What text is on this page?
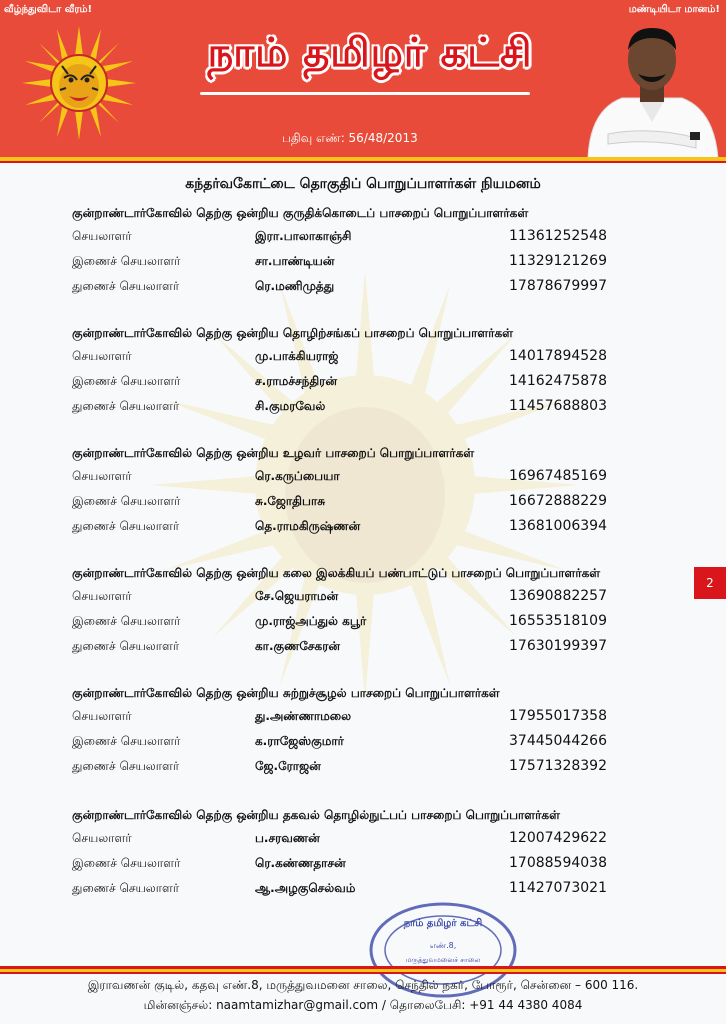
வீழ்ந்துவிடா வீரம்!	மண்டியிடா மானம்!
நாம் தமிழர் கட்சி
பதிவு எண்: 56/48/2013
கந்தர்வகோட்டை தொகுதிப் பொறுப்பாளர்கள் நியமனம்
குன்றாண்டார்கோவில் தெற்கு ஒன்றிய குருதிக்கொடைப் பாசறைப் பொறுப்பாளர்கள்
செயலாளர்	இரா.பாலாகாஞ்சி	11361252548
இணைச் செயலாளர்	சா.பாண்டியன்	11329121269
துணைச் செயலாளர்	ரெ.மணிமுத்து	17878679997
குன்றாண்டார்கோவில் தெற்கு ஒன்றிய தொழிற்சங்கப் பாசறைப் பொறுப்பாளர்கள்
செயலாளர்	மு.பாக்கியராஜ்	14017894528
இணைச் செயலாளர்	ச.ராமச்சந்திரன்	14162475878
துணைச் செயலாளர்	சி.குமரவேல்	11457688803
குன்றாண்டார்கோவில் தெற்கு ஒன்றிய உழவர் பாசறைப் பொறுப்பாளர்கள்
செயலாளர்	ரெ.கருப்பையா	16967485169
இணைச் செயலாளர்	சு.ஜோதிபாசு	16672888229
துணைச் செயலாளர்	தெ.ராமகிருஷ்ணன்	13681006394
குன்றாண்டார்கோவில் தெற்கு ஒன்றிய கலை இலக்கியப் பண்பாட்டுப் பாசறைப் பொறுப்பாளர்கள்
செயலாளர்	சே.ஜெயராமன்	13690882257
இணைச் செயலாளர்	மு.ராஜ்அப்துல் கபூர்	16553518109
துணைச் செயலாளர்	கா.குணசேகரன்	17630199397
குன்றாண்டார்கோவில் தெற்கு ஒன்றிய சுற்றுச்சூழல் பாசறைப் பொறுப்பாளர்கள்
செயலாளர்	து.அண்ணாமலை	17955017358
இணைச் செயலாளர்	க.ராஜேஸ்குமார்	37445044266
துணைச் செயலாளர்	ஜே.ரோஜன்	17571328392
குன்றாண்டார்கோவில் தெற்கு ஒன்றிய தகவல் தொழில்நுட்பப் பாசறைப் பொறுப்பாளர்கள்
செயலாளர்	ப.சரவணன்	12007429622
இணைச் செயலாளர்	ரெ.கண்ணதாசன்	17088594038
துணைச் செயலாளர்	ஆ.அழகுசெல்வம்	11427073021
2
நாம் தமிழர் கட்சி
எண்.8,
மருத்துவமனைச் சாலை
இராவணன் குடில், கதவு எண்.8, மருத்துவமனை சாலை, செந்தில் நகர், போரூர், சென்னை – 600 116.
மின்னஞ்சல்: naamtamizhar@gmail.com / தொலைபேசி: +91 44 4380 4084
